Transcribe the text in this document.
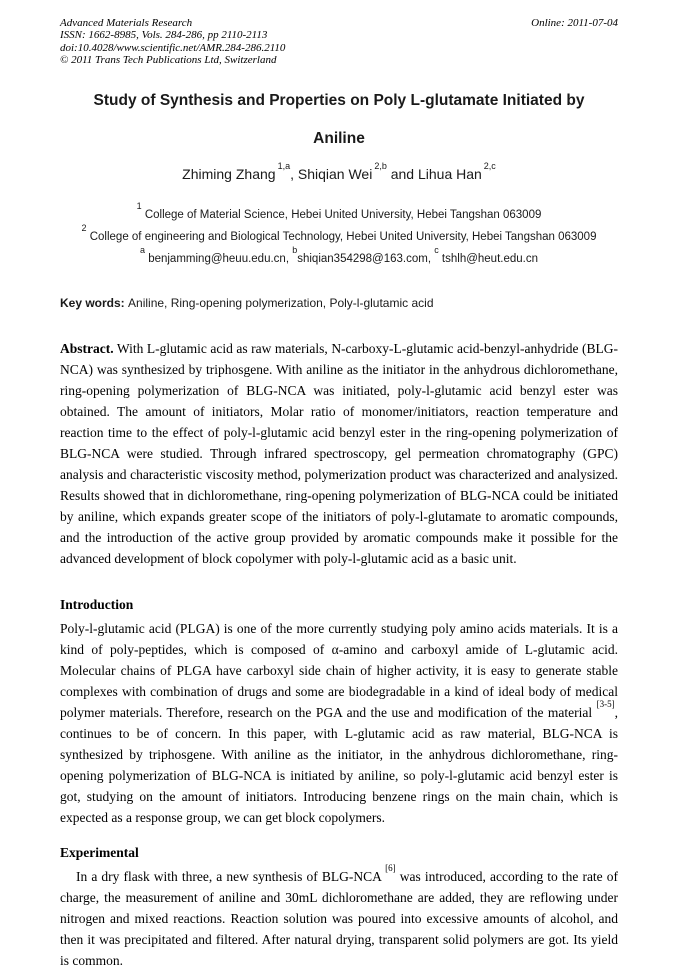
Advanced Materials Research
ISSN: 1662-8985, Vols. 284-286, pp 2110-2113
doi:10.4028/www.scientific.net/AMR.284-286.2110
© 2011 Trans Tech Publications Ltd, Switzerland
Online: 2011-07-04
Study of Synthesis and Properties on Poly L-glutamate Initiated by
Aniline

Zhiming Zhang $^{1,a}$, Shiqian Wei $^{2,b}$ and Lihua Han $^{2,c}$

$^1$ College of Material Science, Hebei United University, Hebei Tangshan 063009
$^2$ College of engineering and Biological Technology, Hebei United University, Hebei Tangshan 063009
$^a$ benjamming@heuu.edu.cn, $^b$shiqian354298@163.com, $^c$ tshlh@heut.edu.cn

Key words: Aniline, Ring-opening polymerization, Poly-l-glutamic acid

Abstract. With L-glutamic acid as raw materials, N-carboxy-L-glutamic acid-benzyl-anhydride (BLG-NCA) was synthesized by triphosgene. With aniline as the initiator in the anhydrous dichloromethane, ring-opening polymerization of BLG-NCA was initiated, poly-l-glutamic acid benzyl ester was obtained. The amount of initiators, Molar ratio of monomer/initiators, reaction temperature and reaction time to the effect of poly-l-glutamic acid benzyl ester in the ring-opening polymerization of BLG-NCA were studied. Through infrared spectroscopy, gel permeation chromatography (GPC) analysis and characteristic viscosity method, polymerization product was characterized and analysized. Results showed that in dichloromethane, ring-opening polymerization of BLG-NCA could be initiated by aniline, which expands greater scope of the initiators of poly-l-glutamate to aromatic compounds, and the introduction of the active group provided by aromatic compounds make it possible for the advanced development of block copolymer with poly-l-glutamic acid as a basic unit.

Introduction

Poly-l-glutamic acid (PLGA) is one of the more currently studying poly amino acids materials. It is a kind of poly-peptides, which is composed of α-amino and carboxyl amide of L-glutamic acid. Molecular chains of PLGA have carboxyl side chain of higher activity, it is easy to generate stable complexes with combination of drugs and some are biodegradable in a kind of ideal body of medical polymer materials. Therefore, research on the PGA and the use and modification of the material [3-5], continues to be of concern. In this paper, with L-glutamic acid as raw material, BLG-NCA is synthesized by triphosgene. With aniline as the initiator, in the anhydrous dichloromethane, ring-opening polymerization of BLG-NCA is initiated by aniline, so poly-l-glutamic acid benzyl ester is got, studying on the amount of initiators. Introducing benzene rings on the main chain, which is expected as a response group, we can get block copolymers.

Experimental

In a dry flask with three, a new synthesis of BLG-NCA [6] was introduced, according to the rate of charge, the measurement of aniline and 30mL dichloromethane are added, they are reflowing under nitrogen and mixed reactions. Reaction solution was poured into excessive amounts of alcohol, and then it was precipitated and filtered. After natural drying, transparent solid polymers are got. Its yield is common.
